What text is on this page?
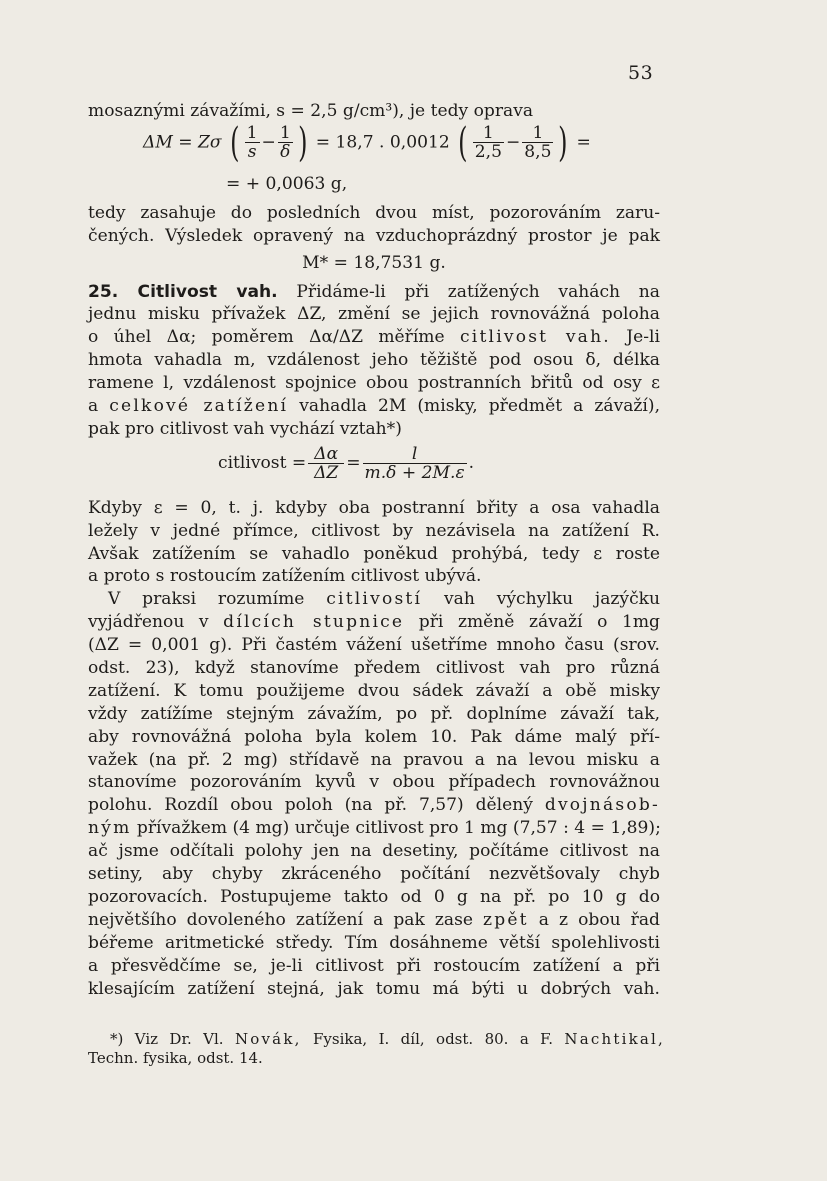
53
mosaznými závažími, s = 2,5 g/cm³), je tedy oprava
ΔM = Zσ ( $\frac{1}{s} - \frac{1}{\delta}$ ) = 18,7 . 0,0012 ( $\frac{1}{2,5} - \frac{1}{8,5}$ ) =
= + 0,0063 g,
tedy zasahuje do posledních dvou míst, pozorováním zaru-
čených. Výsledek opravený na vzduchoprázdný prostor je pak
M* = 18,7531 g.
25. Citlivost vah. Přidáme-li při zatížených vahách na
jednu misku přívažek ΔZ, změní se jejich rovnovážná poloha
o úhel Δα; poměrem Δα/ΔZ měříme citlivost vah. Je-li
hmota vahadla m, vzdálenost jeho těžiště pod osou δ, délka
ramene l, vzdálenost spojnice obou postranních břitů od osy ε
a celkové zatížení vahadla 2M (misky, předmět a závaží),
pak pro citlivost vah vychází vztah*)
citlivost = $\frac{\Delta\alpha}{\Delta Z} = \frac{l}{m.\delta + 2M.\varepsilon}$ .
Kdyby ε = 0, t. j. kdyby oba postranní břity a osa vahadla
ležely v jedné přímce, citlivost by nezávisela na zatížení R.
Avšak zatížením se vahadlo poněkud prohýbá, tedy ε roste
a proto s rostoucím zatížením citlivost ubývá.
V praksi rozumíme citlivostí vah výchylku jazýčku
vyjádřenou v dílcích stupnice při změně závaží o 1mg
(ΔZ = 0,001 g). Při častém vážení ušetříme mnoho času (srov.
odst. 23), když stanovíme předem citlivost vah pro různá
zatížení. K tomu použijeme dvou sádek závaží a obě misky
vždy zatížíme stejným závažím, po př. doplníme závaží tak,
aby rovnovážná poloha byla kolem 10. Pak dáme malý pří-
važek (na př. 2 mg) střídavě na pravou a na levou misku a
stanovíme pozorováním kyvů v obou případech rovnovážnou
polohu. Rozdíl obou poloh (na př. 7,57) dělený dvojnásob-
ným přívažkem (4 mg) určuje citlivost pro 1 mg (7,57 : 4 = 1,89);
ač jsme odčítali polohy jen na desetiny, počítáme citlivost na
setiny, aby chyby zkráceného počítání nezvětšovaly chyb
pozorovacích. Postupujeme takto od 0 g na př. po 10 g do
největšího dovoleného zatížení a pak zase zpět a z obou řad
béřeme aritmetické středy. Tím dosáhneme větší spolehlivosti
a přesvědčíme se, je-li citlivost při rostoucím zatížení a při
klesajícím zatížení stejná, jak tomu má býti u dobrých vah.
*) Viz Dr. Vl. Novák, Fysika, I. díl, odst. 80. a F. Nachtikal,
Techn. fysika, odst. 14.
